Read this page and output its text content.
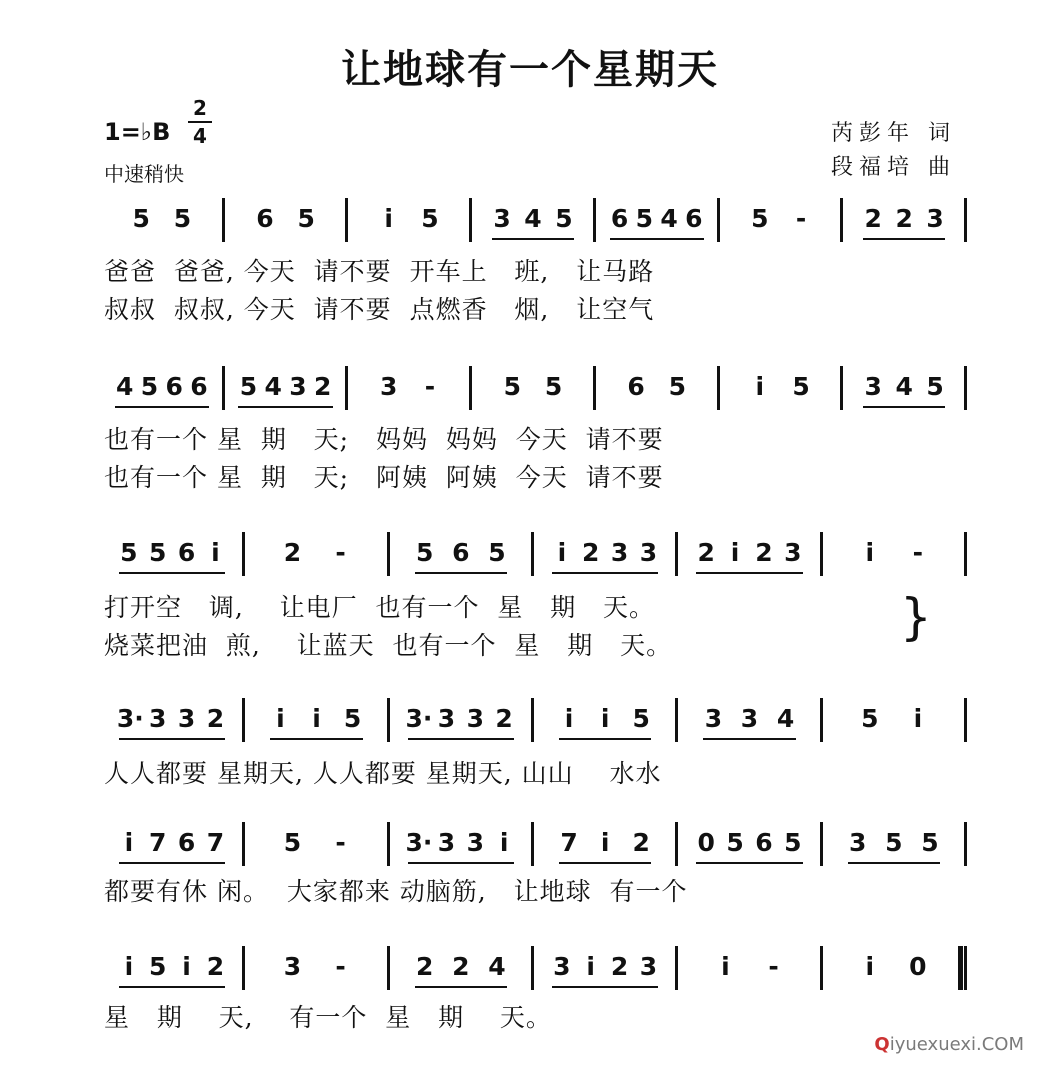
让地球有一个星期天
1=♭B
2
4
中速稍快
芮彭年 词
段福培 曲
5 5	6 5	i	5 3 4 5 6 5 4 6 5 - 2 2 3
4 5 6 6 5 4 3 2 3 -	5 5	6 5	i	5 3 4 5
5 5 6 i	2 -	5 6 5	i 2 3 3 2 i 2 3	i	-
3· 3 3 2	i	i 5 3· 3 3 2	i	i 5 3 3 4	5	i
i 7 6 7 5 - 3· 3 3 i	7 i 2 0 5 6 5 3 5 5
i 5 i 2 3 -	2 2 4 3 i 2 3	i	-	i	0
爸爸  爸爸, 今天  请不要  开车上   班,   让马路
叔叔  叔叔, 今天  请不要  点燃香   烟,   让空气
也有一个 星  期   天;   妈妈  妈妈  今天  请不要
也有一个 星  期   天;   阿姨  阿姨  今天  请不要
打开空   调,    让电厂  也有一个  星   期   天。
烧菜把油  煎,    让蓝天  也有一个  星   期   天。
人人都要 星期天, 人人都要 星期天, 山山    水水
都要有休 闲。  大家都来 动脑筋,   让地球  有一个
星   期    天,    有一个  星   期    天。
}
Qiyuexuexi.COM
